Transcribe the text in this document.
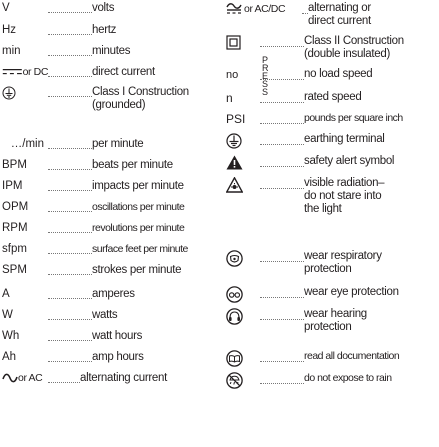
V	volts
Hz	hertz
min	minutes
or DC	direct current
Class I Construction
(grounded)
…/min	per minute
BPM	beats per minute
IPM	impacts per minute
OPM	oscillations per minute
RPM	revolutions per minute
sfpm	surface feet per minute
SPM	strokes per minute
A	amperes
W	watts
Wh	watt hours
Ah	amp hours
or AC	alternating current
or AC/DC alternating or
direct current
Class II Construction
(double insulated)
no	no load speed
n	rated speed
PSI	pounds per square inch
earthing terminal
safety alert symbol
visible radiation–
do not stare into
the light
wear respiratory
protection
wear eye protection
wear hearing
protection
read all documentation
do not expose to rain
P
R
E
S
S
